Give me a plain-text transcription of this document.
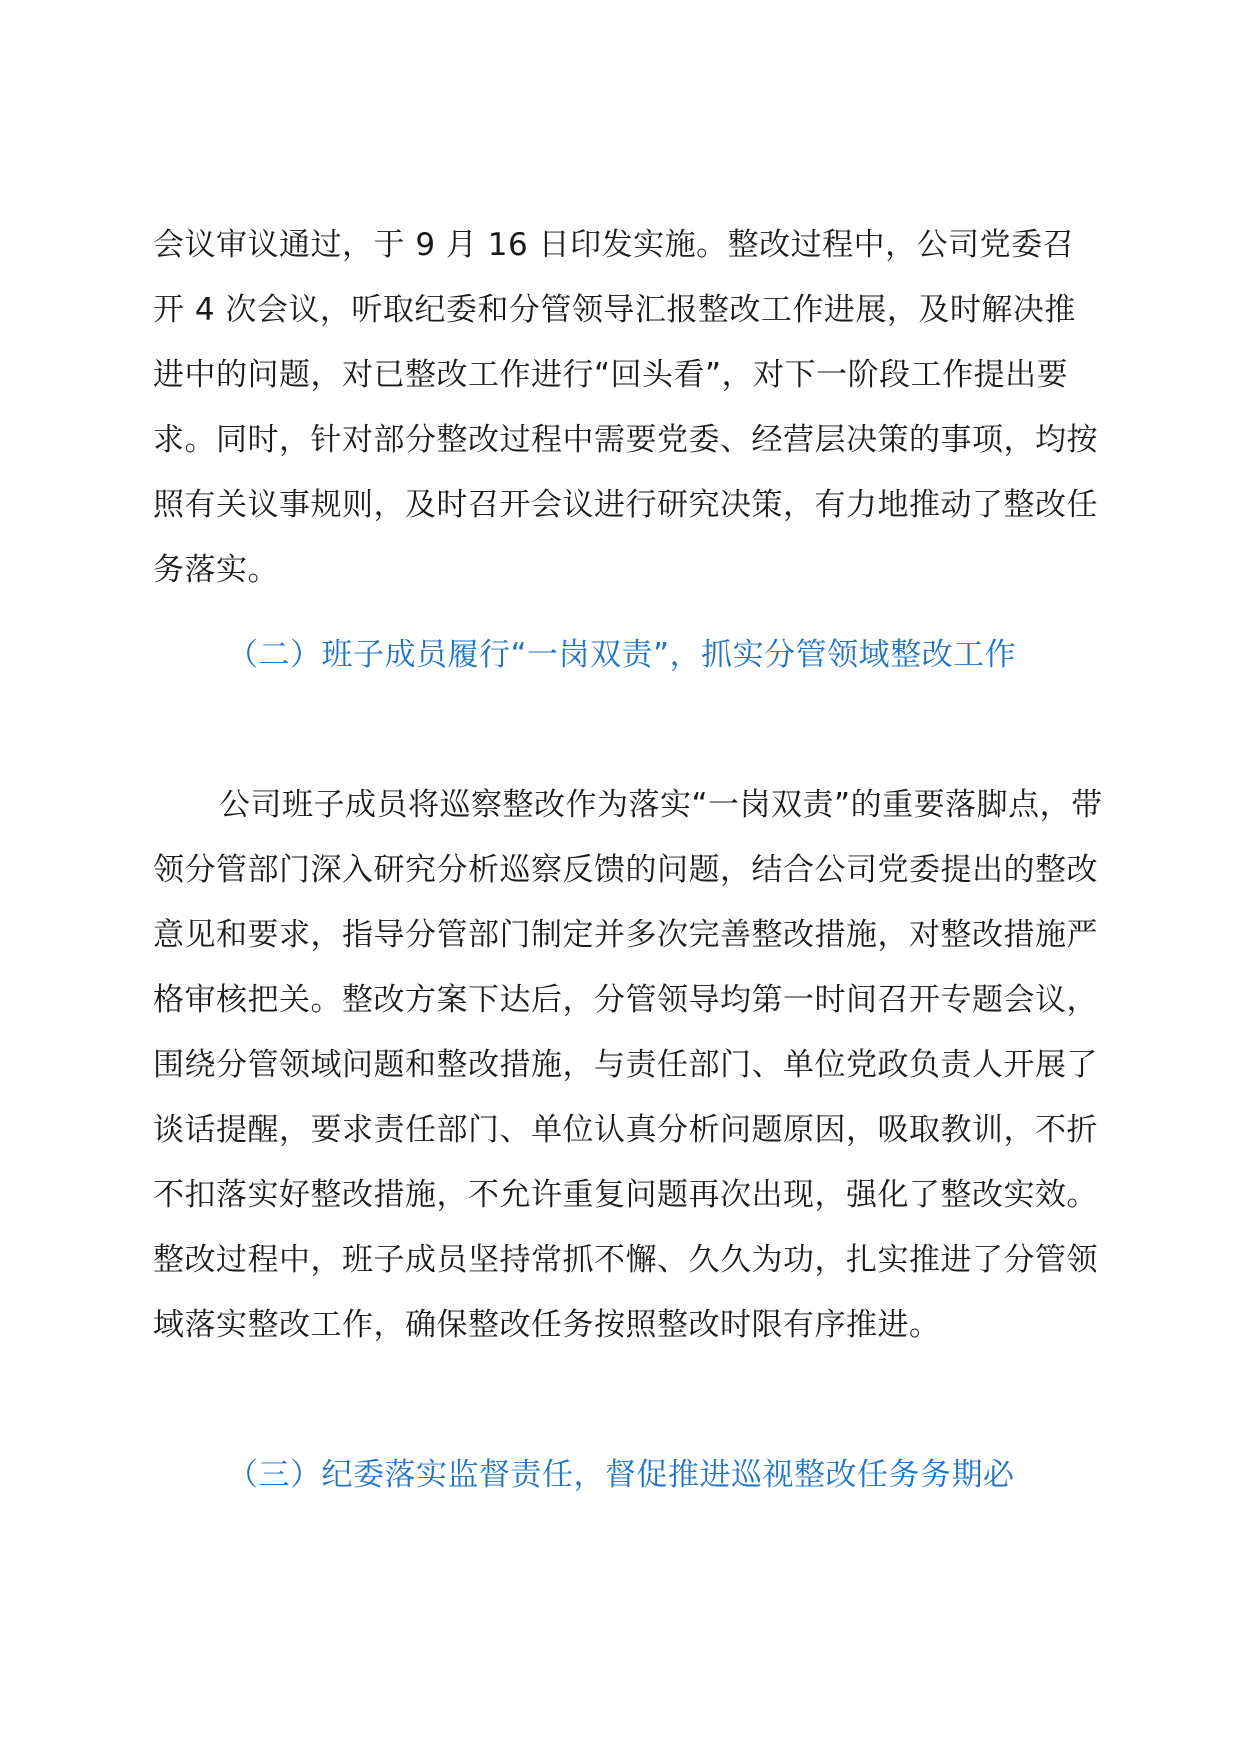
会议审议通过，于 9 月 16 日印发实施。整改过程中，公司党委召开 4 次会议，听取纪委和分管领导汇报整改工作进展，及时解决推进中的问题，对已整改工作进行“回头看”，对下一阶段工作提出要求。同时，针对部分整改过程中需要党委、经营层决策的事项，均按照有关议事规则，及时召开会议进行研究决策，有力地推动了整改任务落实。

（二）班子成员履行“一岗双责”，抓实分管领域整改工作

公司班子成员将巡察整改作为落实“一岗双责”的重要落脚点，带领分管部门深入研究分析巡察反馈的问题，结合公司党委提出的整改意见和要求，指导分管部门制定并多次完善整改措施，对整改措施严格审核把关。整改方案下达后，分管领导均第一时间召开专题会议，围绕分管领域问题和整改措施，与责任部门、单位党政负责人开展了谈话提醒，要求责任部门、单位认真分析问题原因，吸取教训，不折不扣落实好整改措施，不允许重复问题再次出现，强化了整改实效。整改过程中，班子成员坚持常抓不懈、久久为功，扎实推进了分管领域落实整改工作，确保整改任务按照整改时限有序推进。

（三）纪委落实监督责任，督促推进巡视整改任务务期必
